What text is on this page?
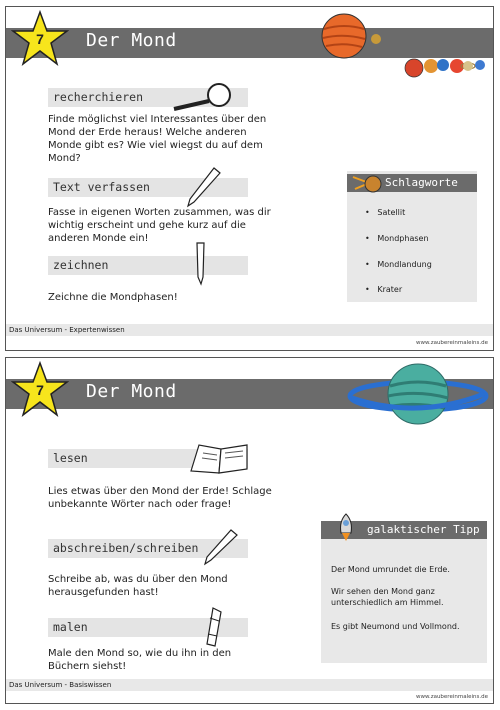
Der Mond
7
recherchieren
Finde möglichst viel Interessantes über den Mond der Erde heraus! Welche anderen Monde gibt es? Wie viel wiegst du auf dem Mond?
Text verfassen
Fasse in eigenen Worten zusammen, was dir wichtig erscheint und gehe kurz auf die anderen Monde ein!
zeichnen
Zeichne die Mondphasen!
Schlagworte
•   Satellit
•   Mondphasen
•   Mondlandung
•   Krater
Das Universum - Expertenwissen
www.zaubereinmaleins.de
Der Mond
7
lesen
Lies etwas über den Mond der Erde! Schlage unbekannte Wörter nach oder frage!
abschreiben/schreiben
Schreibe ab, was du über den Mond herausgefunden hast!
malen
Male den Mond so, wie du ihn in den Büchern siehst!
galaktischer Tipp
Der Mond umrundet die Erde.
Wir sehen den Mond ganz unterschiedlich am Himmel.
Es gibt Neumond und Vollmond.
Das Universum - Basiswissen
www.zaubereinmaleins.de
